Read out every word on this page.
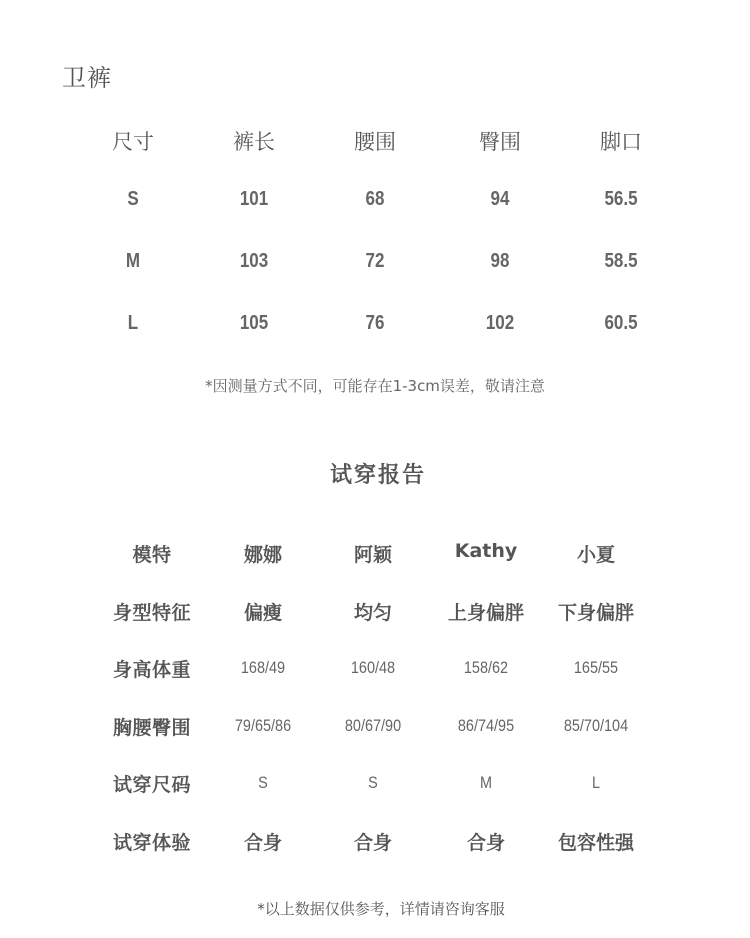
卫裤
尺寸	裤长	腰围	臀围	脚口
S	101	68	94	56.5
M	103	72	98	58.5
L	105	76	102	60.5
*因测量方式不同，可能存在1-3cm误差，敬请注意
试穿报告
模特	娜娜	阿颖	Kathy	小夏
身型特征	偏瘦	均匀	上身偏胖	下身偏胖
身高体重	168/49	160/48	158/62	165/55
胸腰臀围	79/65/86	80/67/90	86/74/95	85/70/104
试穿尺码	S	S	M	L
试穿体验	合身	合身	合身	包容性强
*以上数据仅供参考，详情请咨询客服
